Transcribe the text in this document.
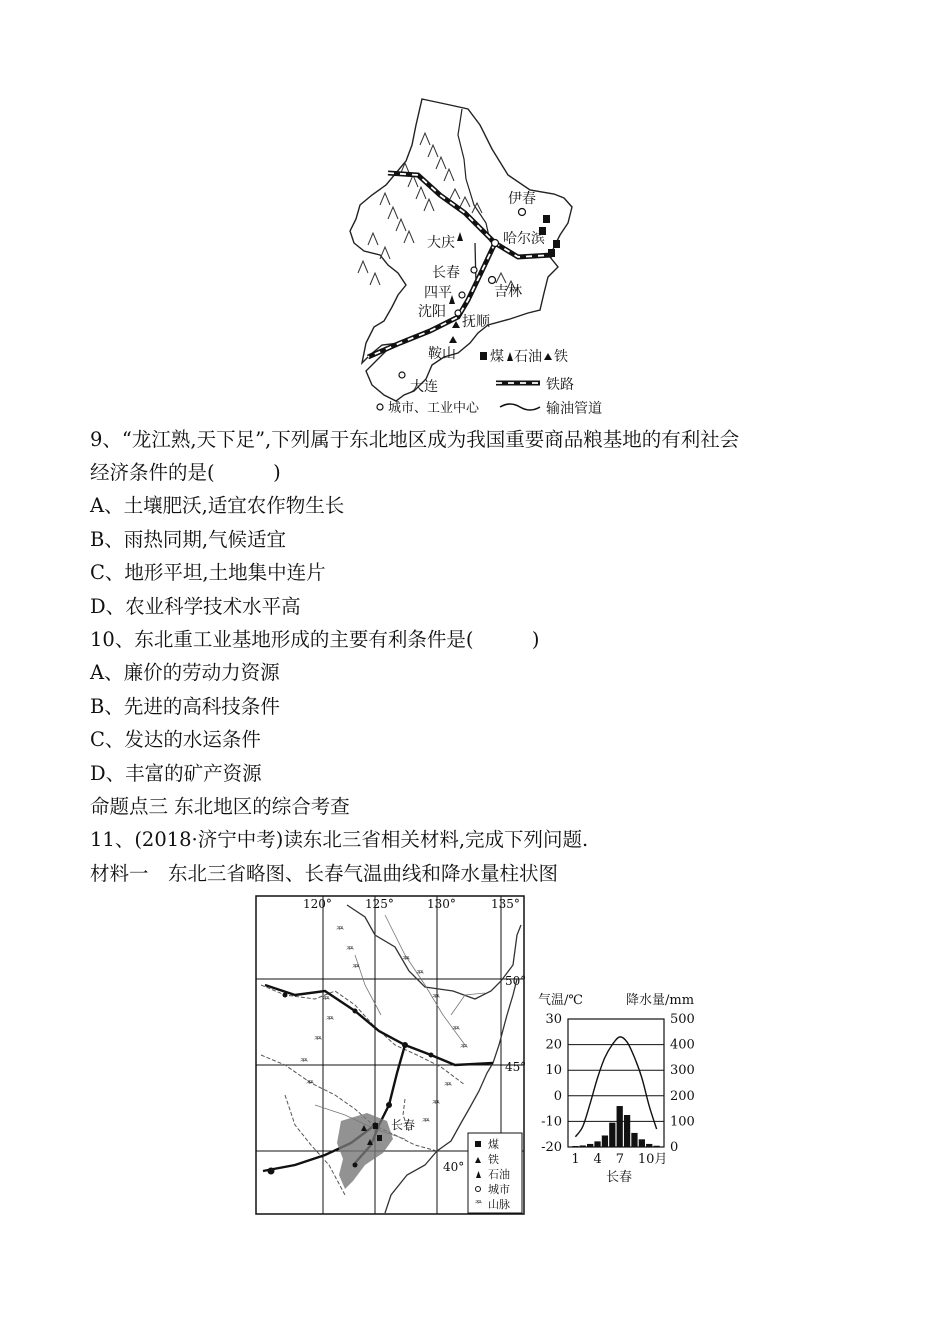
伊春
大庆	哈尔滨
长春
吉林
四平
沈阳
抚顺
鞍山
大连
煤 石油 铁
铁路
城市、工业中心	输油管道
9、“龙江熟,天下足”,下列属于东北地区成为我国重要商品粮基地的有利社会
经济条件的是(　　　)
A、土壤肥沃,适宜农作物生长
B、雨热同期,气候适宜
C、地形平坦,土地集中连片
D、农业科学技术水平高
10、东北重工业基地形成的主要有利条件是(　　　)
A、廉价的劳动力资源
B、先进的高科技条件
C、发达的水运条件
D、丰富的矿产资源
命题点三 东北地区的综合考查
11、(2018·济宁中考)读东北三省相关材料,完成下列问题.
材料一　东北三省略图、长春气温曲线和降水量柱状图
120°	125°	130°	135°
50°
45°
40°
ᄍ
ᄍ
ᄍ
ᄍ
ᄍ
ᄍ
ᄍ
ᄍ
ᄍ
ᄍ
ᄍ
ᄍ
ᄍ
ᄍ
ᄍ
ᄍ
长春
煤
铁
石油
城市
ᄍ 山脉
气温/℃	降水量/mm
30
20
10
0
-10
-20
500
400
300
200
100
0
1 4 7 10月
长春
